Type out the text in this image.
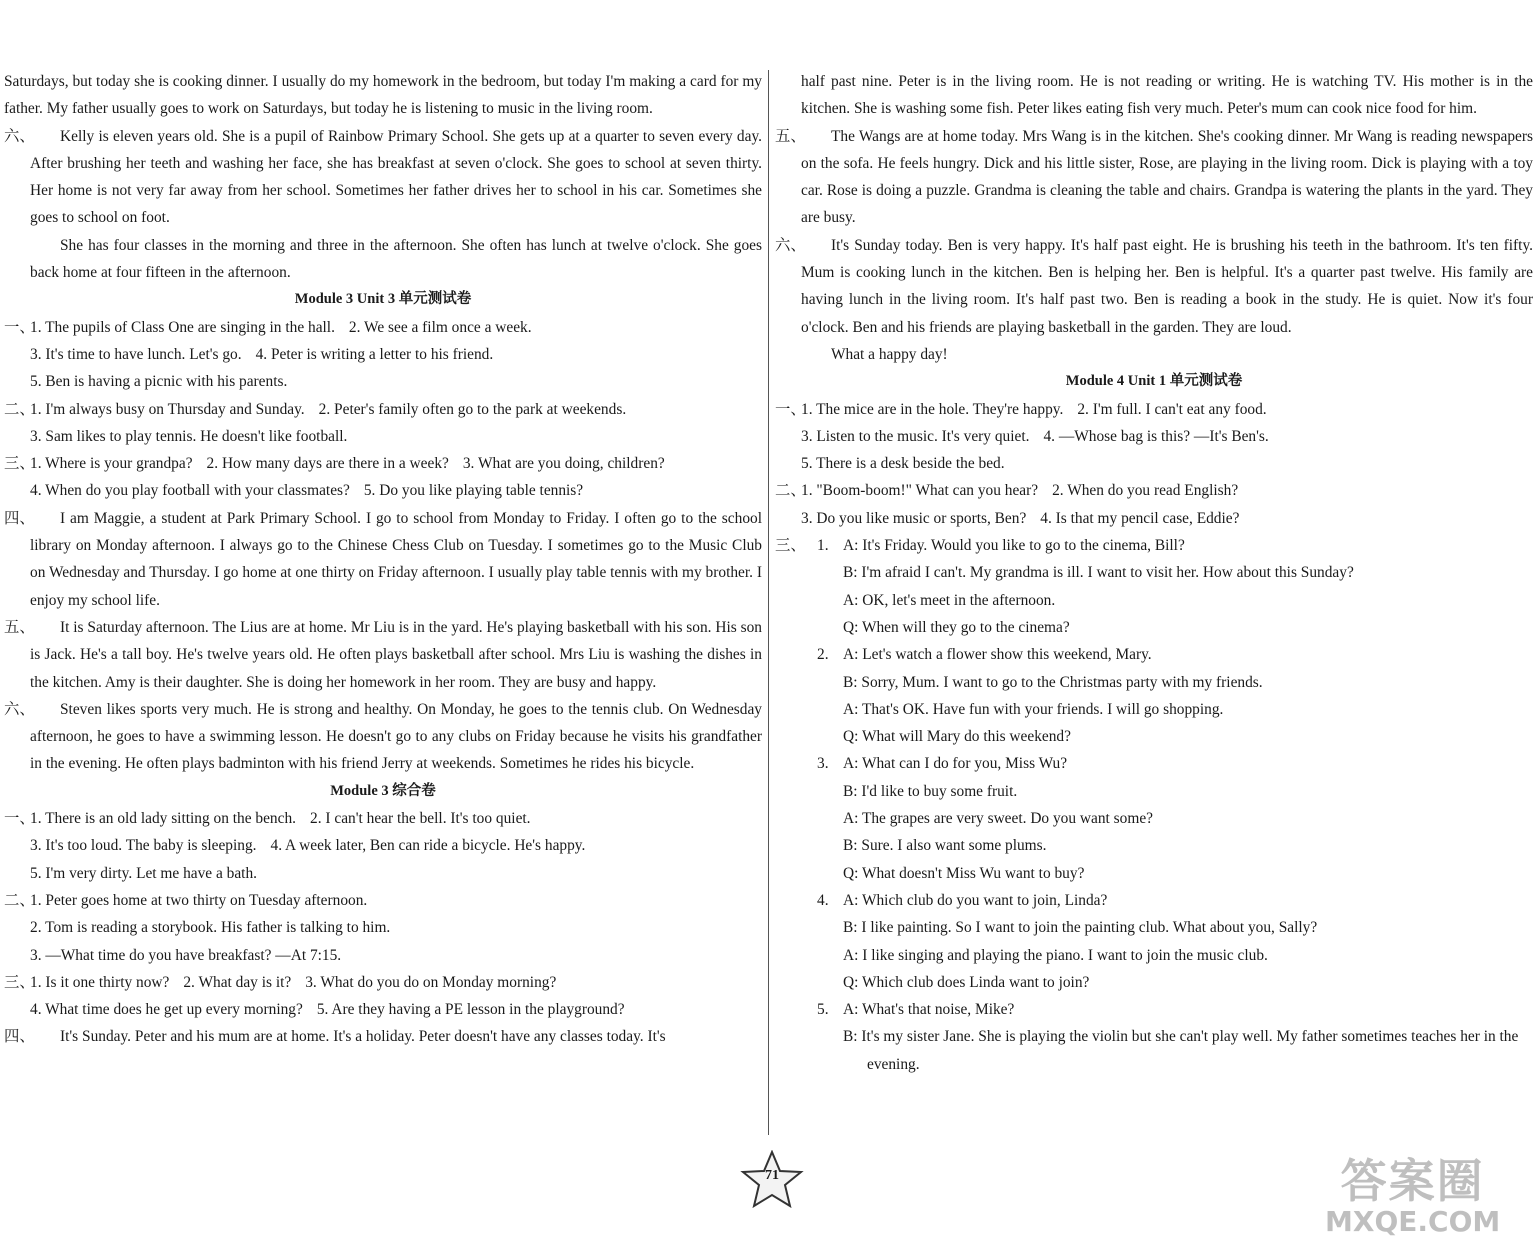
Saturdays, but today she is cooking dinner. I usually do my homework in the bedroom, but today I'm making a card for my father. My father usually goes to work on Saturdays, but today he is listening to music in the living room.
六、	Kelly is eleven years old. She is a pupil of Rainbow Primary School. She gets up at a quarter to seven every day. After brushing her teeth and washing her face, she has breakfast at seven o'clock. She goes to school at seven thirty. Her home is not very far away from her school. Sometimes her father drives her to school in his car. Sometimes she goes to school on foot.
She has four classes in the morning and three in the afternoon. She often has lunch at twelve o'clock. She goes back home at four fifteen in the afternoon.
Module 3 Unit 3 单元测试卷
一、
1. The pupils of Class One are singing in the hall. 2. We see a film once a week.
3. It's time to have lunch. Let's go. 4. Peter is writing a letter to his friend.
5. Ben is having a picnic with his parents.
二、
1. I'm always busy on Thursday and Sunday. 2. Peter's family often go to the park at weekends.
3. Sam likes to play tennis. He doesn't like football.
三、
1. Where is your grandpa? 2. How many days are there in a week? 3. What are you doing, children?
4. When do you play football with your classmates? 5. Do you like playing table tennis?
四、	I am Maggie, a student at Park Primary School. I go to school from Monday to Friday. I often go to the school library on Monday afternoon. I always go to the Chinese Chess Club on Tuesday. I sometimes go to the Music Club on Wednesday and Thursday. I go home at one thirty on Friday afternoon. I usually play table tennis with my brother. I enjoy my school life.
五、	It is Saturday afternoon. The Lius are at home. Mr Liu is in the yard. He's playing basketball with his son. His son is Jack. He's a tall boy. He's twelve years old. He often plays basketball after school. Mrs Liu is washing the dishes in the kitchen. Amy is their daughter. She is doing her homework in her room. They are busy and happy.
六、	Steven likes sports very much. He is strong and healthy. On Monday, he goes to the tennis club. On Wednesday afternoon, he goes to have a swimming lesson. He doesn't go to any clubs on Friday because he visits his grandfather in the evening. He often plays badminton with his friend Jerry at weekends. Sometimes he rides his bicycle.
Module 3 综合卷
一、
1. There is an old lady sitting on the bench. 2. I can't hear the bell. It's too quiet.
3. It's too loud. The baby is sleeping. 4. A week later, Ben can ride a bicycle. He's happy.
5. I'm very dirty. Let me have a bath.
二、
1. Peter goes home at two thirty on Tuesday afternoon.
2. Tom is reading a storybook. His father is talking to him.
3. —What time do you have breakfast? —At 7:15.
三、
1. Is it one thirty now? 2. What day is it? 3. What do you do on Monday morning?
4. What time does he get up every morning? 5. Are they having a PE lesson in the playground?
四、	It's Sunday. Peter and his mum are at home. It's a holiday. Peter doesn't have any classes today. It's
half past nine. Peter is in the living room. He is not reading or writing. He is watching TV. His mother is in the kitchen. She is washing some fish. Peter likes eating fish very much. Peter's mum can cook nice food for him.
五、	The Wangs are at home today. Mrs Wang is in the kitchen. She's cooking dinner. Mr Wang is reading newspapers on the sofa. He feels hungry. Dick and his little sister, Rose, are playing in the living room. Dick is playing with a toy car. Rose is doing a puzzle. Grandma is cleaning the table and chairs. Grandpa is watering the plants in the yard. They are busy.
六、	It's Sunday today. Ben is very happy. It's half past eight. He is brushing his teeth in the bathroom. It's ten fifty. Mum is cooking lunch in the kitchen. Ben is helping her. Ben is helpful. It's a quarter past twelve. His family are having lunch in the living room. It's half past two. Ben is reading a book in the study. He is quiet. Now it's four o'clock. Ben and his friends are playing basketball in the garden. They are loud.
What a happy day!
Module 4 Unit 1 单元测试卷
一、
1. The mice are in the hole. They're happy. 2. I'm full. I can't eat any food.
3. Listen to the music. It's very quiet. 4. —Whose bag is this? —It's Ben's.
5. There is a desk beside the bed.
二、
1. "Boom-boom!" What can you hear? 2. When do you read English?
3. Do you like music or sports, Ben? 4. Is that my pencil case, Eddie?
三、 1. A: It's Friday. Would you like to go to the cinema, Bill?
B: I'm afraid I can't. My grandma is ill. I want to visit her. How about this Sunday?
A: OK, let's meet in the afternoon.
Q: When will they go to the cinema?
2. A: Let's watch a flower show this weekend, Mary.
B: Sorry, Mum. I want to go to the Christmas party with my friends.
A: That's OK. Have fun with your friends. I will go shopping.
Q: What will Mary do this weekend?
3. A: What can I do for you, Miss Wu?
B: I'd like to buy some fruit.
A: The grapes are very sweet. Do you want some?
B: Sure. I also want some plums.
Q: What doesn't Miss Wu want to buy?
4. A: Which club do you want to join, Linda?
B: I like painting. So I want to join the painting club. What about you, Sally?
A: I like singing and playing the piano. I want to join the music club.
Q: Which club does Linda want to join?
5. A: What's that noise, Mike?
B: It's my sister Jane. She is playing the violin but she can't play well. My father sometimes teaches her in the evening.
71	答案圈
MXQE.COM
